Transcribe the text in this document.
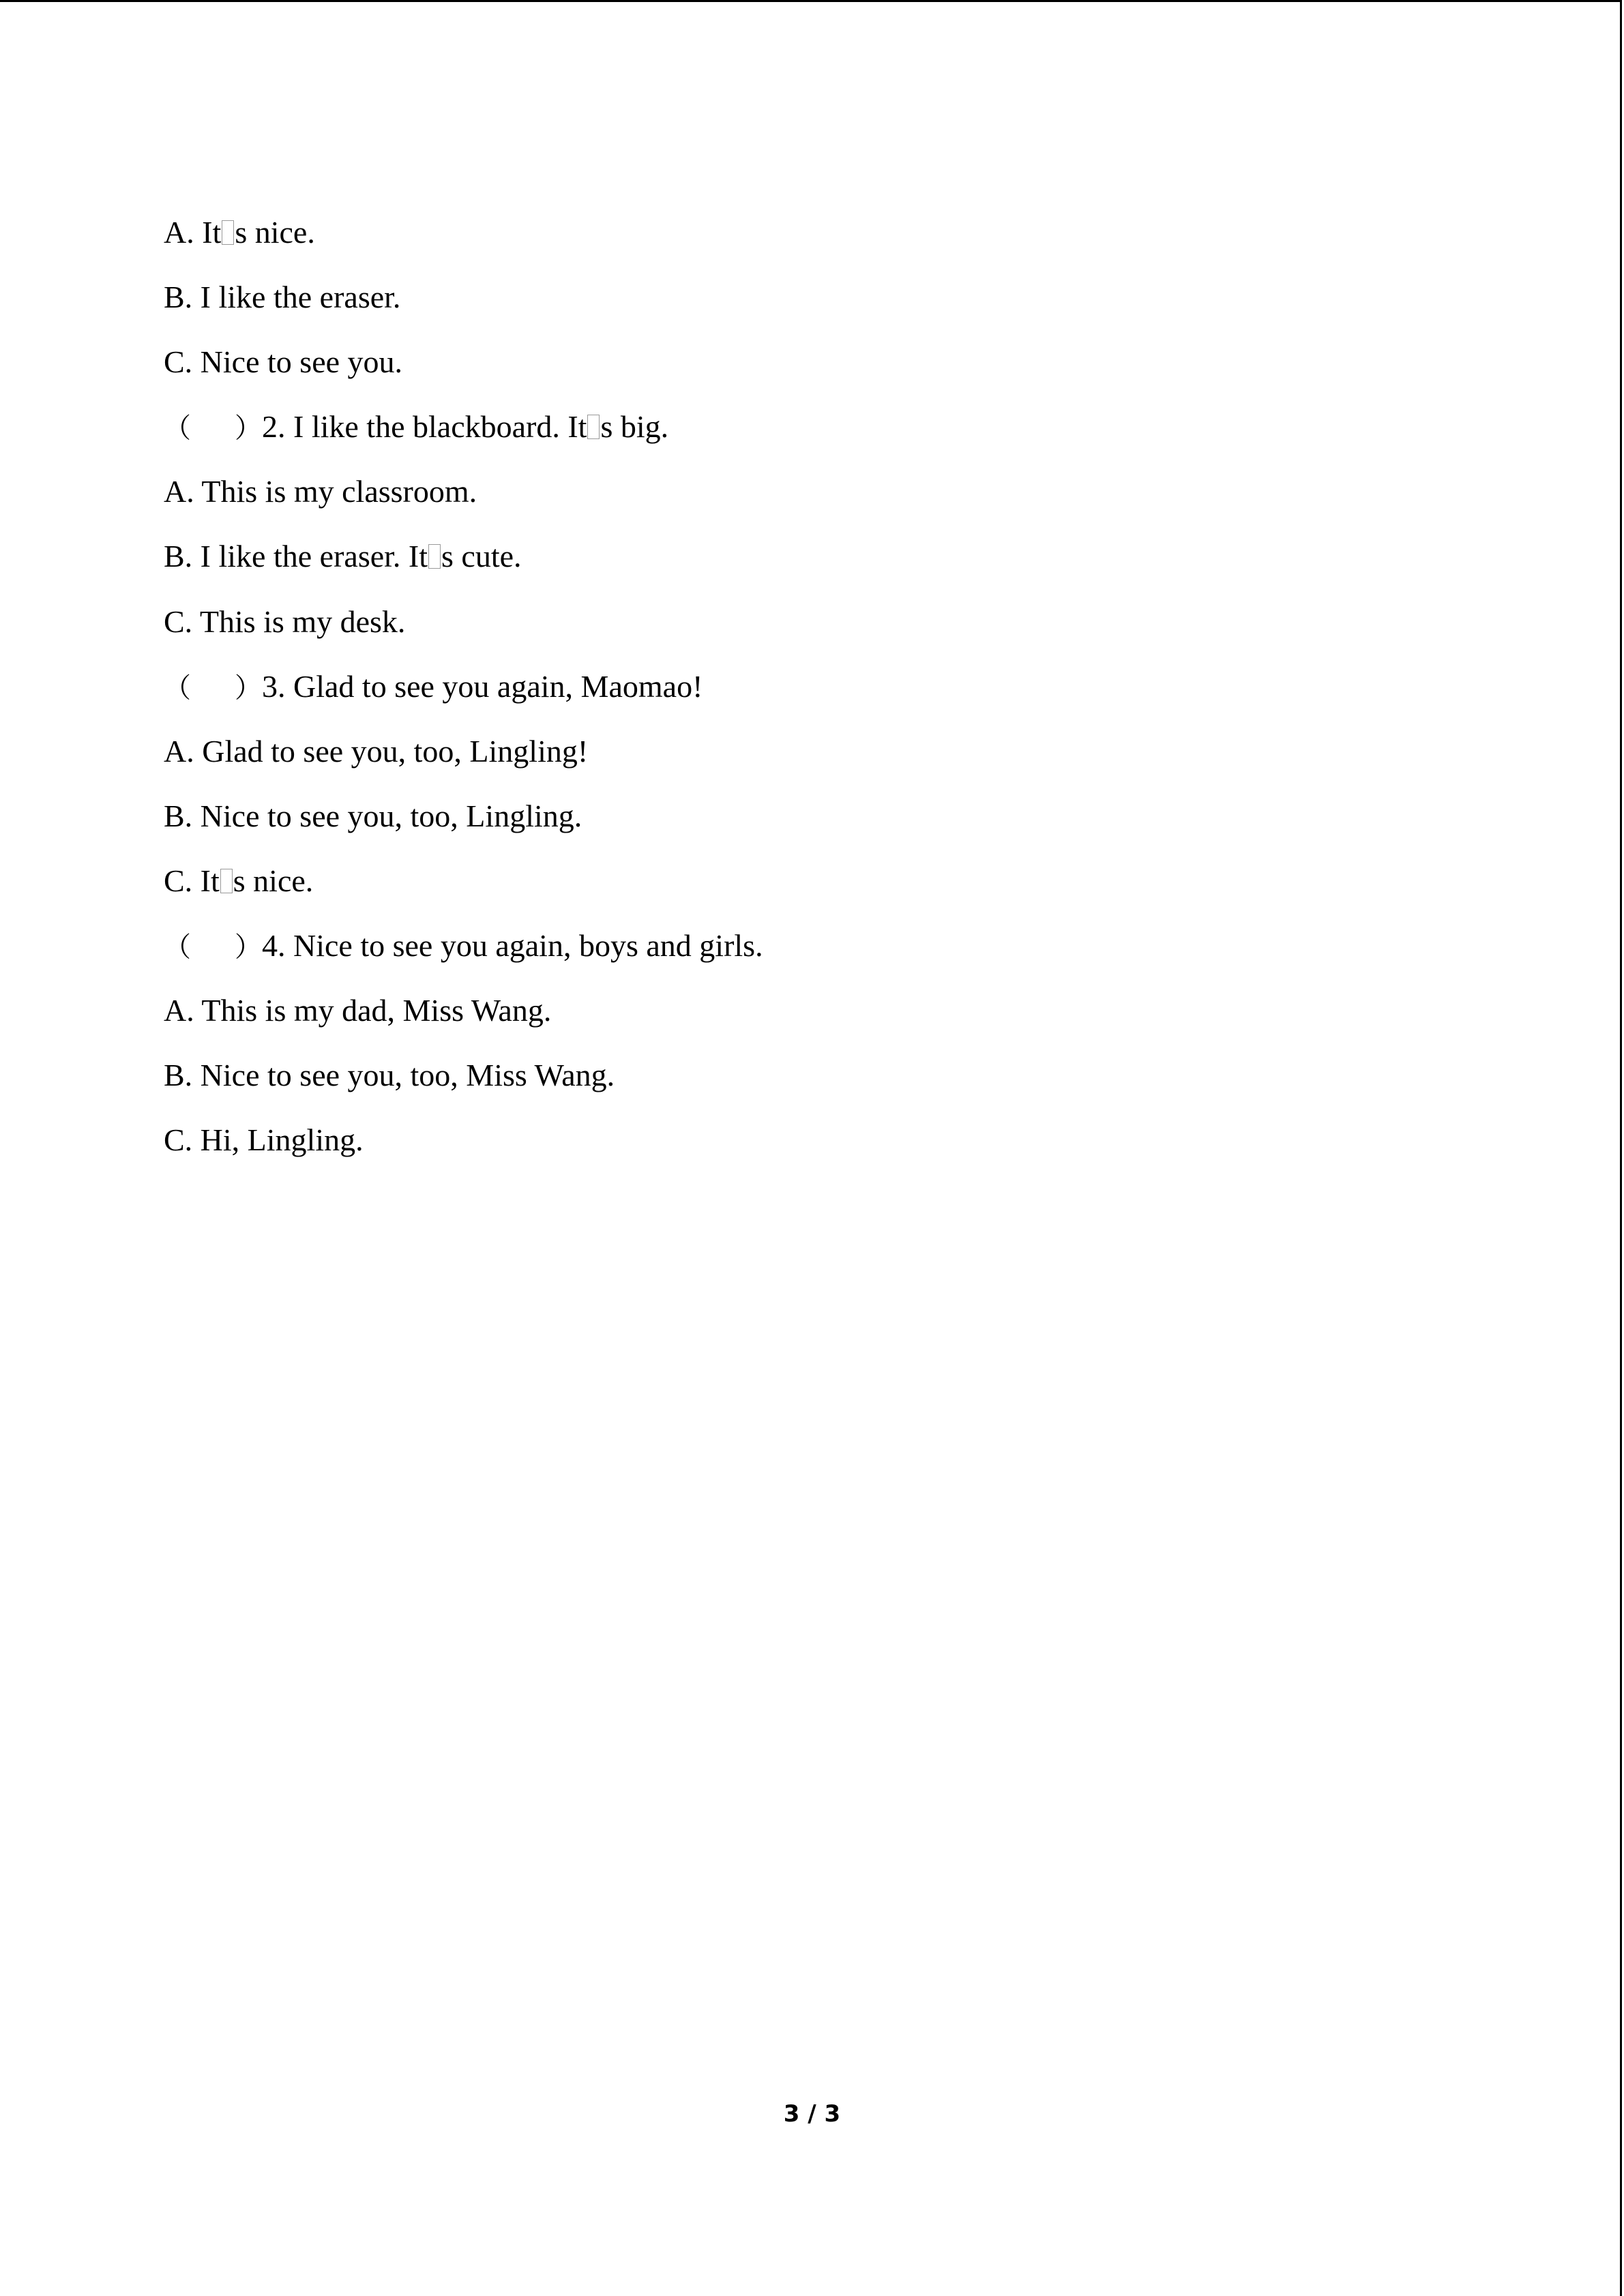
A. It s nice.
B. I like the eraser.
C. Nice to see you.
（ ）2. I like the blackboard. It s big.
A. This is my classroom.
B. I like the eraser. It s cute.
C. This is my desk.
（ ）3. Glad to see you again, Maomao!
A. Glad to see you, too, Lingling!
B. Nice to see you, too, Lingling.
C. It s nice.
（ ）4. Nice to see you again, boys and girls.
A. This is my dad, Miss Wang.
B. Nice to see you, too, Miss Wang.
C. Hi, Lingling.
3 / 3
